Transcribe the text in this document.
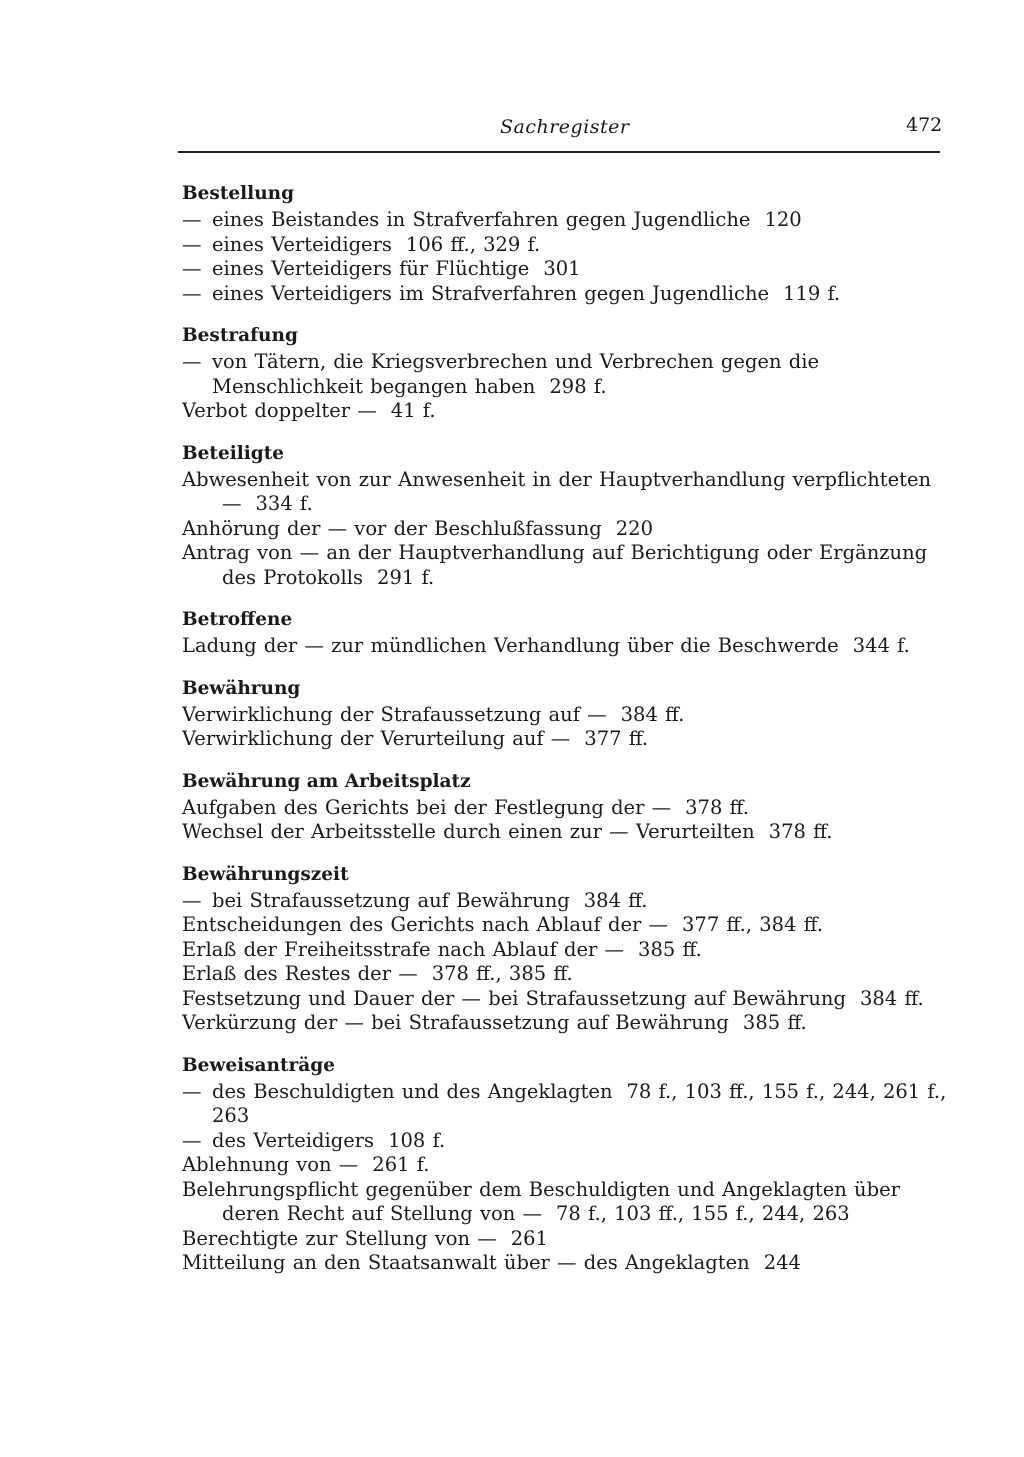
Sachregister	472
Bestellung
— eines Beistandes in Strafverfahren gegen Jugendliche 120
— eines Verteidigers 106 ff., 329 f.
— eines Verteidigers für Flüchtige 301
— eines Verteidigers im Strafverfahren gegen Jugendliche 119 f.
Bestrafung
— von Tätern, die Kriegsverbrechen und Verbrechen gegen die Menschlichkeit begangen haben 298 f.
Verbot doppelter — 41 f.
Beteiligte
Abwesenheit von zur Anwesenheit in der Hauptverhandlung verpflichteten — 334 f.
Anhörung der — vor der Beschlußfassung 220
Antrag von — an der Hauptverhandlung auf Berichtigung oder Ergänzung des Protokolls 291 f.
Betroffene
Ladung der — zur mündlichen Verhandlung über die Beschwerde 344 f.
Bewährung
Verwirklichung der Strafaussetzung auf — 384 ff.
Verwirklichung der Verurteilung auf — 377 ff.
Bewährung am Arbeitsplatz
Aufgaben des Gerichts bei der Festlegung der — 378 ff.
Wechsel der Arbeitsstelle durch einen zur — Verurteilten 378 ff.
Bewährungszeit
— bei Strafaussetzung auf Bewährung 384 ff.
Entscheidungen des Gerichts nach Ablauf der — 377 ff., 384 ff.
Erlaß der Freiheitsstrafe nach Ablauf der — 385 ff.
Erlaß des Restes der — 378 ff., 385 ff.
Festsetzung und Dauer der — bei Strafaussetzung auf Bewährung 384 ff.
Verkürzung der — bei Strafaussetzung auf Bewährung 385 ff.
Beweisanträge
— des Beschuldigten und des Angeklagten 78 f., 103 ff., 155 f., 244, 261 f., 263
— des Verteidigers 108 f.
Ablehnung von — 261 f.
Belehrungspflicht gegenüber dem Beschuldigten und Angeklagten über deren Recht auf Stellung von — 78 f., 103 ff., 155 f., 244, 263
Berechtigte zur Stellung von — 261
Mitteilung an den Staatsanwalt über — des Angeklagten 244
